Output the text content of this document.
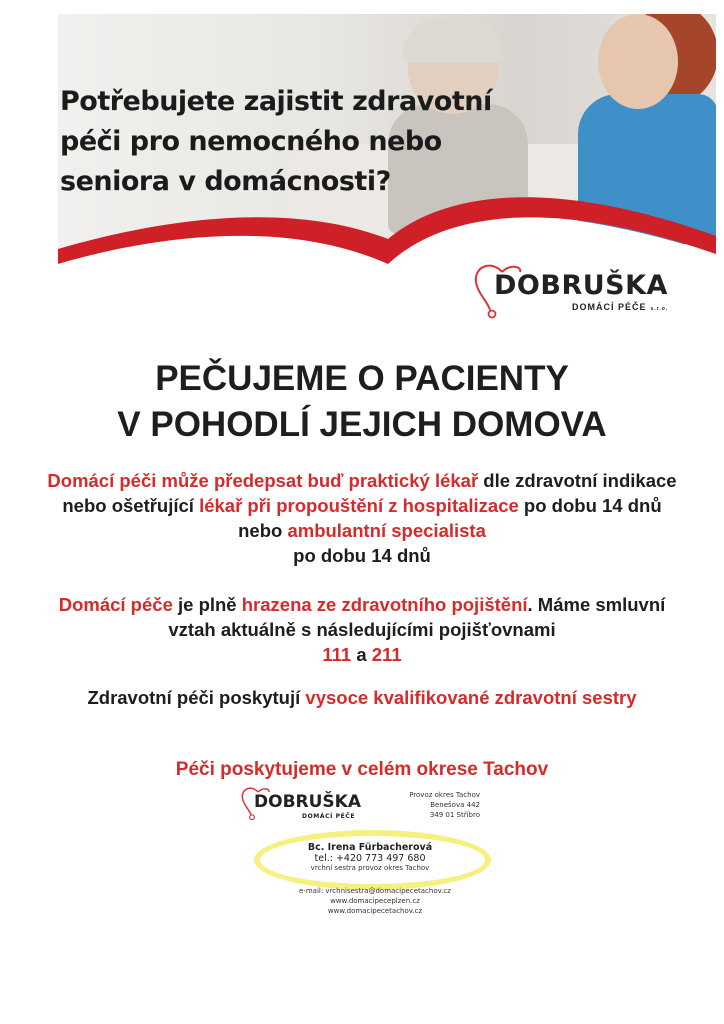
Potřebujete zajistit zdravotní
péči pro nemocného nebo
seniora v domácnosti?
DOBRUŠKA
DOMÁCÍ PÉČE s.r.o.
PEČUJEME O PACIENTY
V POHODLÍ JEJICH DOMOVA
Domácí péči může předepsat buď praktický lékař dle zdravotní indikace nebo ošetřující lékař při propouštění z hospitalizace po dobu 14 dnů nebo ambulantní specialista
po dobu 14 dnů
Domácí péče je plně hrazena ze zdravotního pojištění. Máme smluvní vztah aktuálně s následujícími pojišťovnami
111 a 211
Zdravotní péči poskytují vysoce kvalifikované zdravotní sestry
Péči poskytujeme v celém okrese Tachov
DOBRUŠKA
DOMÁCÍ PÉČE
Provoz okres Tachov
Benešova 442
349 01 Stříbro
Bc. Irena Fürbacherová
tel.: +420 773 497 680
vrchní sestra provoz okres Tachov
e-mail: vrchnisestra@domacipecetachov.cz
www.domacipeceplzen.cz
www.domacipecetachov.cz
